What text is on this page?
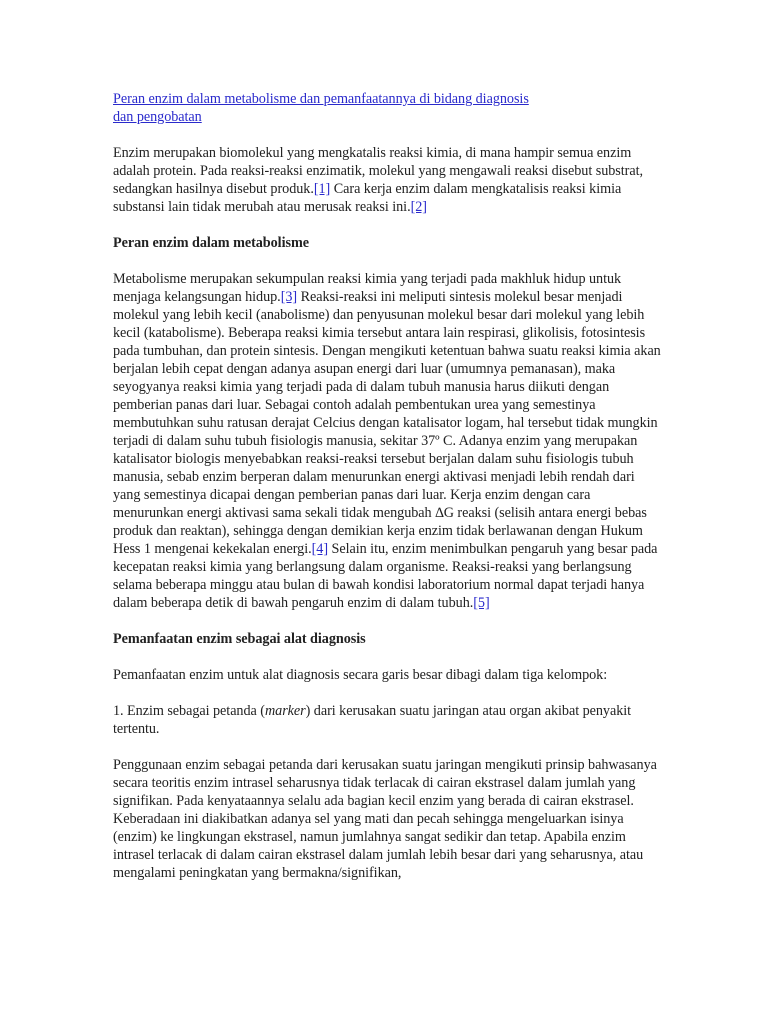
Peran enzim dalam metabolisme dan pemanfaatannya di bidang diagnosis
dan pengobatan

Enzim merupakan biomolekul yang mengkatalis reaksi kimia, di mana hampir semua enzim adalah protein. Pada reaksi-reaksi enzimatik, molekul yang mengawali reaksi disebut substrat, sedangkan hasilnya disebut produk.[1] Cara kerja enzim dalam mengkatalisis reaksi kimia substansi lain tidak merubah atau merusak reaksi ini.[2]

Peran enzim dalam metabolisme

Metabolisme merupakan sekumpulan reaksi kimia yang terjadi pada makhluk hidup untuk menjaga kelangsungan hidup.[3] Reaksi-reaksi ini meliputi sintesis molekul besar menjadi molekul yang lebih kecil (anabolisme) dan penyusunan molekul besar dari molekul yang lebih kecil (katabolisme). Beberapa reaksi kimia tersebut antara lain respirasi, glikolisis, fotosintesis pada tumbuhan, dan protein sintesis. Dengan mengikuti ketentuan bahwa suatu reaksi kimia akan berjalan lebih cepat dengan adanya asupan energi dari luar (umumnya pemanasan), maka seyogyanya reaksi kimia yang terjadi pada di dalam tubuh manusia harus diikuti dengan pemberian panas dari luar. Sebagai contoh adalah pembentukan urea yang semestinya membutuhkan suhu ratusan derajat Celcius dengan katalisator logam, hal tersebut tidak mungkin terjadi di dalam suhu tubuh fisiologis manusia, sekitar 37º C. Adanya enzim yang merupakan katalisator biologis menyebabkan reaksi-reaksi tersebut berjalan dalam suhu fisiologis tubuh manusia, sebab enzim berperan dalam menurunkan energi aktivasi menjadi lebih rendah dari yang semestinya dicapai dengan pemberian panas dari luar. Kerja enzim dengan cara menurunkan energi aktivasi sama sekali tidak mengubah ∆G reaksi (selisih antara energi bebas produk dan reaktan), sehingga dengan demikian kerja enzim tidak berlawanan dengan Hukum Hess 1 mengenai kekekalan energi.[4] Selain itu, enzim menimbulkan pengaruh yang besar pada kecepatan reaksi kimia yang berlangsung dalam organisme. Reaksi-reaksi yang berlangsung selama beberapa minggu atau bulan di bawah kondisi laboratorium normal dapat terjadi hanya dalam beberapa detik di bawah pengaruh enzim di dalam tubuh.[5]

Pemanfaatan enzim sebagai alat diagnosis

Pemanfaatan enzim untuk alat diagnosis secara garis besar dibagi dalam tiga kelompok:

1. Enzim sebagai petanda (marker) dari kerusakan suatu jaringan atau organ akibat penyakit tertentu.

Penggunaan enzim sebagai petanda dari kerusakan suatu jaringan mengikuti prinsip bahwasanya secara teoritis enzim intrasel seharusnya tidak terlacak di cairan ekstrasel dalam jumlah yang signifikan. Pada kenyataannya selalu ada bagian kecil enzim yang berada di cairan ekstrasel. Keberadaan ini diakibatkan adanya sel yang mati dan pecah sehingga mengeluarkan isinya (enzim) ke lingkungan ekstrasel, namun jumlahnya sangat sedikir dan tetap. Apabila enzim intrasel terlacak di dalam cairan ekstrasel dalam jumlah lebih besar dari yang seharusnya, atau mengalami peningkatan yang bermakna/signifikan,
